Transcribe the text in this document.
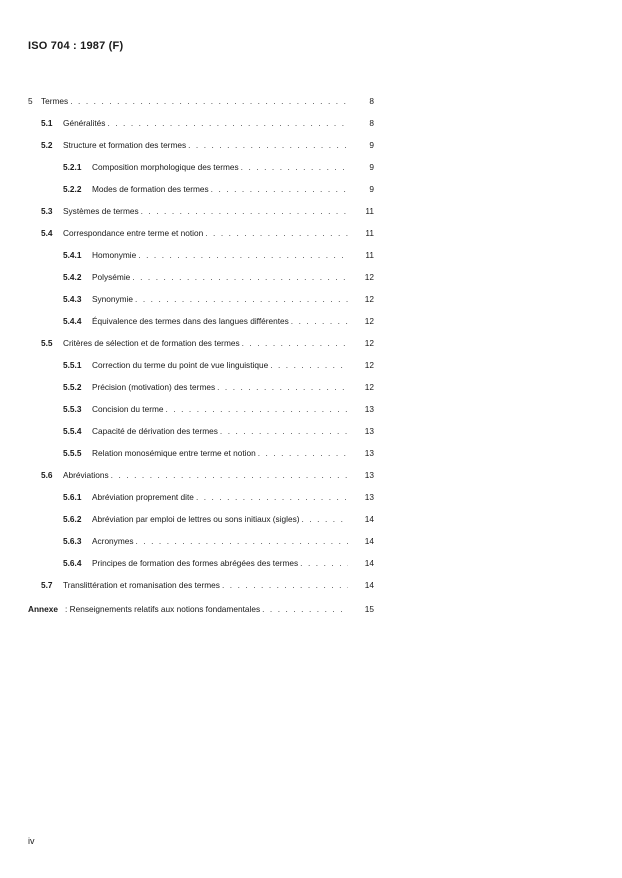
ISO 704 : 1987 (F)
5 Termes . . .	8
5.1 Généralités . . .	8
5.2 Structure et formation des termes . . .	9
5.2.1 Composition morphologique des termes . . .	9
5.2.2 Modes de formation des termes . . .	9
5.3 Systèmes de termes . . .	11
5.4 Correspondance entre terme et notion . . .	11
5.4.1 Homonymie . . .	11
5.4.2 Polysémie . . .	12
5.4.3 Synonymie . . .	12
5.4.4 Équivalence des termes dans des langues différentes . . .	12
5.5 Critères de sélection et de formation des termes . . .	12
5.5.1 Correction du terme du point de vue linguistique . . .	12
5.5.2 Précision (motivation) des termes . . .	12
5.5.3 Concision du terme . . .	13
5.5.4 Capacité de dérivation des termes . . .	13
5.5.5 Relation monosémique entre terme et notion . . .	13
5.6 Abréviations . . .	13
5.6.1 Abréviation proprement dite . . .	13
5.6.2 Abréviation par emploi de lettres ou sons initiaux (sigles) . . .	14
5.6.3 Acronymes . . .	14
5.6.4 Principes de formation des formes abrégées des termes . . .	14
5.7 Translittération et romanisation des termes . . .	14
Annexe : Renseignements relatifs aux notions fondamentales . . .	15
iv
